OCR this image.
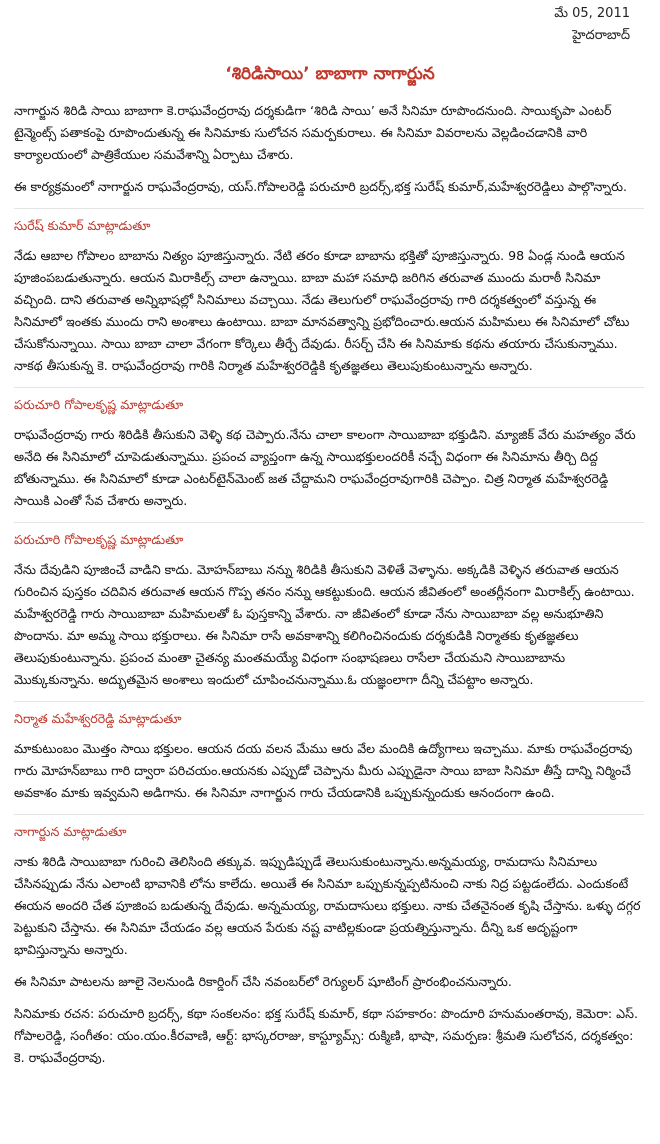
మే 05, 2011
హైదరాబాద్
‘శిరిడిసాయి’ బాబాగా నాగార్జున

నాగార్జున శిరిడి సాయి బాబాగా కె.రాఘవేంద్రరావు దర్శకుడిగా ‘శిరిడి సాయి’ అనే సినిమా రూపొందనుంది. సాయికృపా ఎంటర్ టైన్మెంట్స్ పతాకంపై రూపొందుతున్న ఈ సినిమాకు సులోచన సమర్పకురాలు. ఈ సినిమా వివరాలను వెల్లడించడానికి వారి కార్యాలయంలో పాత్రికేయుల సమవేశాన్ని ఏర్పాటు చేశారు.

ఈ కార్యక్రమంలో నాగార్జున రాఘవేంద్రరావు, యస్.గోపాలరెడ్డి పరుచూరి బ్రదర్స్,భక్త సురేష్ కుమార్,మహేశ్వరరెడ్డిలు పాల్గొన్నారు.

సురేష్ కుమార్ మాట్లాడుతూ

నేడు ఆబాల గోపాలం బాబాను నిత్యం పూజిస్తున్నారు. నేటి తరం కూడా బాబాను భక్తితో పూజిస్తున్నారు. 98 ఏండ్ల నుండి ఆయన పూజింపబడుతున్నారు. ఆయన మిరాకిల్స్ చాలా ఉన్నాయి. బాబా మహా సమాధి జరిగిన తరువాత ముందు మరాఠీ సినిమా వచ్చింది. దాని తరువాత అన్నిభాషల్లో సినిమాలు వచ్చాయి. నేడు తెలుగులో రాఘవేంద్రరావు గారి దర్శకత్వంలో వస్తున్న ఈ సినిమాలో ఇంతకు ముందు రాని అంశాలు ఉంటాయి. బాబా మానవత్వాన్ని ప్రభోదించారు.ఆయన మహిమలు ఈ సినిమాలో చోటు చేసుకోనున్నాయి. సాయి బాబా చాలా వేగంగా కోర్కెలు తీర్చే దేవుడు. రీసర్చ్ చేసి ఈ సినిమాకు కథను తయారు చేసుకున్నాము. నాకథ తీసుకున్న కె. రాఘవేంద్రరావు గారికి నిర్మాత మహేశ్వరరెడ్డికి కృతజ్ఞతలు తెలుపుకుంటున్నాను అన్నారు.

పరుచూరి గోపాలకృష్ణ మాట్లాడుతూ

రాఘవేంద్రరావు గారు శిరిడికి తీసుకుని వెళ్ళి కథ చెప్పారు.నేను చాలా కాలంగా సాయిబాబా భక్తుడిని. మ్యాజిక్ వేరు మహత్యం వేరు అనేది ఈ సినిమాలో చూపెడుతున్నాము. ప్రపంచ వ్యాప్తంగా ఉన్న సాయిభక్తులందరికీ నచ్చే విధంగా ఈ సినిమాను తీర్చి దిద్ద బోతున్నాము. ఈ సినిమాలో కూడా ఎంటర్‌టైన్‌మెంట్ జత చేద్దామని రాఘవేంద్రరావుగారికి చెప్పాం. చిత్ర నిర్మాత మహేశ్వరరెడ్డి సాయికి ఎంతో సేవ చేశారు అన్నారు.

పరుచూరి గోపాలకృష్ణ మాట్లాడుతూ

నేను దేవుడిని పూజించే వాడిని కాదు. మోహన్‌బాబు నన్ను శిరిడికి తీసుకుని వెళితే వెళ్ళాను. అక్కడికి వెళ్ళిన తరువాత ఆయన గురించిన పుస్తకం చదివిన తరువాత ఆయన గొప్ప తనం నన్ను ఆకట్టుకుంది. ఆయన జీవితంలో అంతర్లీనంగా మిరాకిల్స్ ఉంటాయి. మహేశ్వరరెడ్డి గారు సాయిబాబా మహిమలతో ఓ పుస్తకాన్ని వేశారు. నా జీవితంలో కూడా నేను సాయిబాబా వల్ల అనుభూతిని పొందాను. మా అమ్మ సాయి భక్తురాలు. ఈ సినిమా రాసే అవకాశాన్ని కలిగించినందుకు దర్శకుడికి నిర్మాతకు కృతజ్ఞతలు తెలుపుకుంటున్నాను. ప్రపంచ మంతా చైతన్య మంతమయ్యే విధంగా సంభాషణలు రాసేలా చేయమని సాయిబాబాను మొక్కుకున్నాను. అద్భుతమైన అంశాలు ఇందులో చూపించనున్నాము.ఓ యజ్ఞంలాగా దీన్ని చేపట్టాం అన్నారు.

నిర్మాత మహేశ్వరరెడ్డి మాట్లాడుతూ

మాకుటుంబం మొత్తం సాయి భక్తులం. ఆయన దయ వలన మేము ఆరు వేల మందికి ఉద్యోగాలు ఇచ్చాము. మాకు రాఘవేంద్రరావు గారు మోహన్‌బాబు గారి ద్వారా పరిచయం.ఆయనకు ఎప్పుడో చెప్పాను మీరు ఎప్పుడైనా సాయి బాబా సినిమా తీస్తే దాన్ని నిర్మించే అవకాశం మాకు ఇవ్వమని అడిగాను. ఈ సినిమా నాగార్జున గారు చేయడానికి ఒప్పుకున్నందుకు ఆనందంగా ఉంది.

నాగార్జున మాట్లాడుతూ

నాకు శిరిడి సాయిబాబా గురించి తెలిసింది తక్కువ. ఇప్పుడిప్పుడే తెలుసుకుంటున్నాను.అన్నమయ్య, రామదాసు సినిమాలు చేసినప్పుడు నేను ఎలాంటి భావానికి లోను కాలేదు. అయితే ఈ సినిమా ఒప్పుకున్నప్పటినుంచి నాకు నిద్ర పట్టడంలేదు. ఎందుకంటే ఈయన అందరి చేత పూజింప బడుతున్న దేవుడు. అన్నమయ్య, రామదాసులు భక్తులు. నాకు చేతనైనంత కృషి చేస్తాను. ఒళ్ళు దగ్గర పెట్టుకుని చేస్తాను. ఈ సినిమా చేయడం వల్ల ఆయన పేరుకు నష్ట వాటిల్లకుండా ప్రయత్నిస్తున్నాను. దీన్ని ఒక అదృష్టంగా భావిస్తున్నాను అన్నారు.

ఈ సినిమా పాటలను జూలై నెలనుండి రికార్డింగ్ చేసి నవంబర్‌లో రెగ్యులర్ షూటింగ్ ప్రారంభించనున్నారు.

సినిమాకు రచన: పరుచూరి బ్రదర్స్, కథా సంకలనం: భక్త సురేష్ కుమార్, కథా సహకారం: పొందూరి హనుమంతరావు, కెమెరా: ఎస్. గోపాలరెడ్డి, సంగీతం: యం.యం.కీరవాణి, ఆర్ట్: భాస్కరరాజు, కాస్ట్యూమ్స్: రుక్మిణి, భాషా, సమర్పణ: శ్రీమతి సులోచన, దర్శకత్వం: కె. రాఘవేంద్రరావు.
